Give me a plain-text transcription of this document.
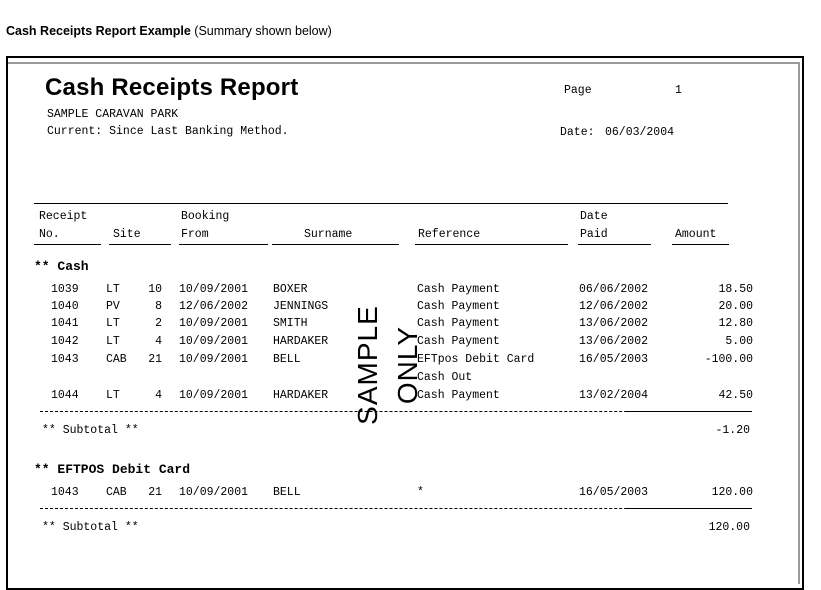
Cash Receipts Report Example (Summary shown below)
Cash Receipts Report
SAMPLE CARAVAN PARK
Current: Since Last Banking Method.
Page	1
Date: 06/03/2004
Receipt
No.	Site
Booking
From	Surname	Reference
Date
Paid	Amount
** Cash
1039 LT	10 10/09/2001 BOXER	Cash Payment	06/06/2002	18.50
1040 PV	8 12/06/2002 JENNINGS	Cash Payment	12/06/2002	20.00
1041 LT	2 10/09/2001 SMITH	Cash Payment	13/06/2002	12.80
1042 LT	4 10/09/2001 HARDAKER	Cash Payment	13/06/2002	5.00
1043 CAB	21 10/09/2001 BELL	EFTpos Debit Card	16/05/2003	-100.00
Cash Out
1044 LT	4 10/09/2001 HARDAKER	Cash Payment	13/02/2004	42.50
** Subtotal **	-1.20
** EFTPOS Debit Card
1043 CAB	21 10/09/2001 BELL	*	16/05/2003	120.00
** Subtotal **	120.00
SAMPLE ONLY
